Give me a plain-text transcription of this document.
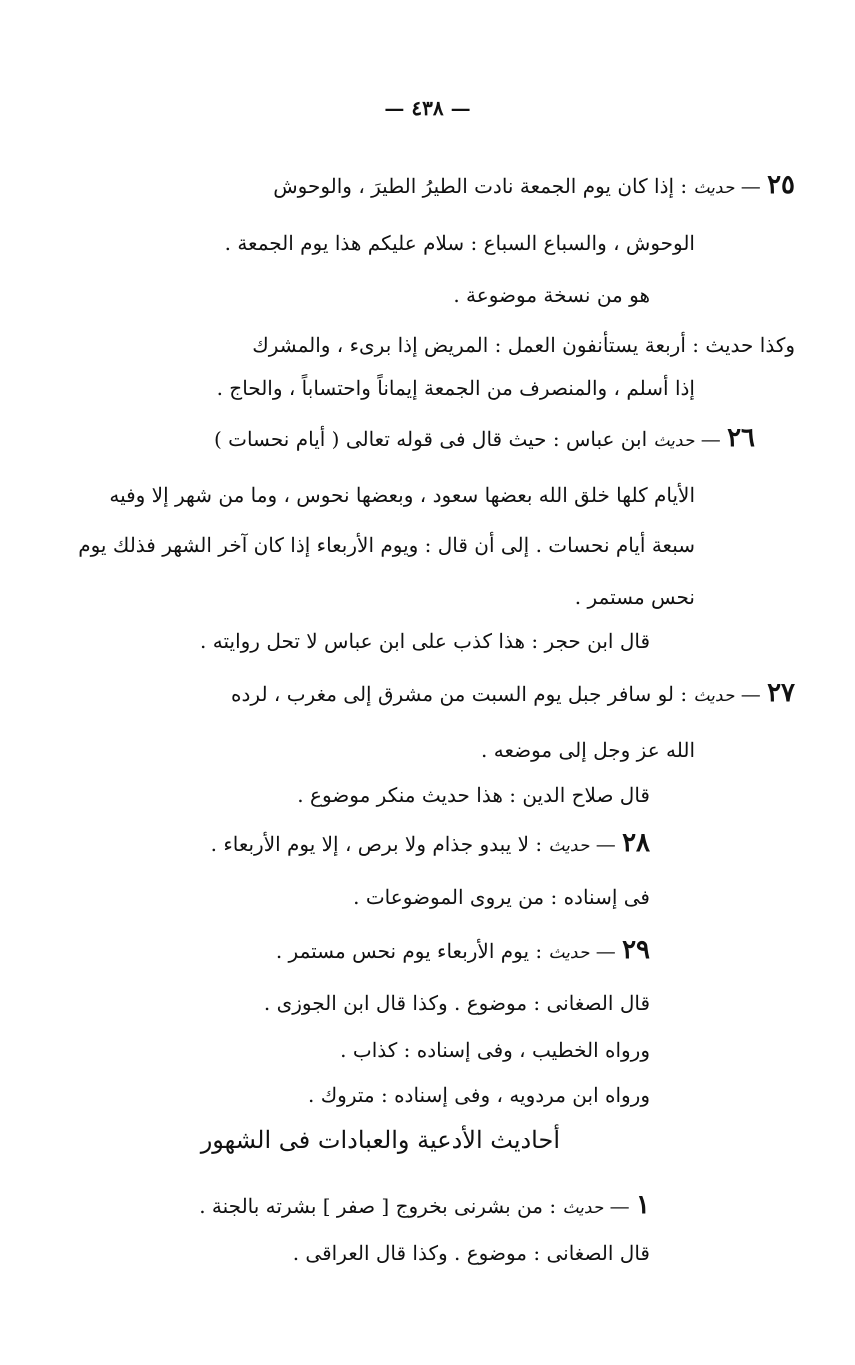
— ٤٣٨ —
٢٥ — حديث : إذا كان يوم الجمعة نادت الطيرُ الطيرَ ، والوحوش
الوحوش ، والسباع السباع : سلام عليكم هذا يوم الجمعة .
هو من نسخة موضوعة .
وكذا حديث : أربعة يستأنفون العمل : المريض إذا برىء ، والمشرك
إذا أسلم ، والمنصرف من الجمعة إيماناً واحتساباً ، والحاج .
٢٦ — حديث ابن عباس : حيث قال فى قوله تعالى ( أيام نحسات )
الأيام كلها خلق الله بعضها سعود ، وبعضها نحوس ، وما من شهر إلا وفيه
سبعة أيام نحسات . إلى أن قال : ويوم الأربعاء إذا كان آخر الشهر فذلك يوم
نحس مستمر .
قال ابن حجر : هذا كذب على ابن عباس لا تحل روايته .
٢٧ — حديث : لو سافر جبل يوم السبت من مشرق إلى مغرب ، لرده
الله عز وجل إلى موضعه .
قال صلاح الدين : هذا حديث منكر موضوع .
٢٨ — حديث : لا يبدو جذام ولا برص ، إلا يوم الأربعاء .
فى إسناده : من يروى الموضوعات .
٢٩ — حديث : يوم الأربعاء يوم نحس مستمر .
قال الصغانى : موضوع . وكذا قال ابن الجوزى .
ورواه الخطيب ، وفى إسناده : كذاب .
ورواه ابن مردويه ، وفى إسناده : متروك .
أحاديث الأدعية والعبادات فى الشهور
١ — حديث : من بشرنى بخروج [ صفر ] بشرته بالجنة .
قال الصغانى : موضوع . وكذا قال العراقى .
